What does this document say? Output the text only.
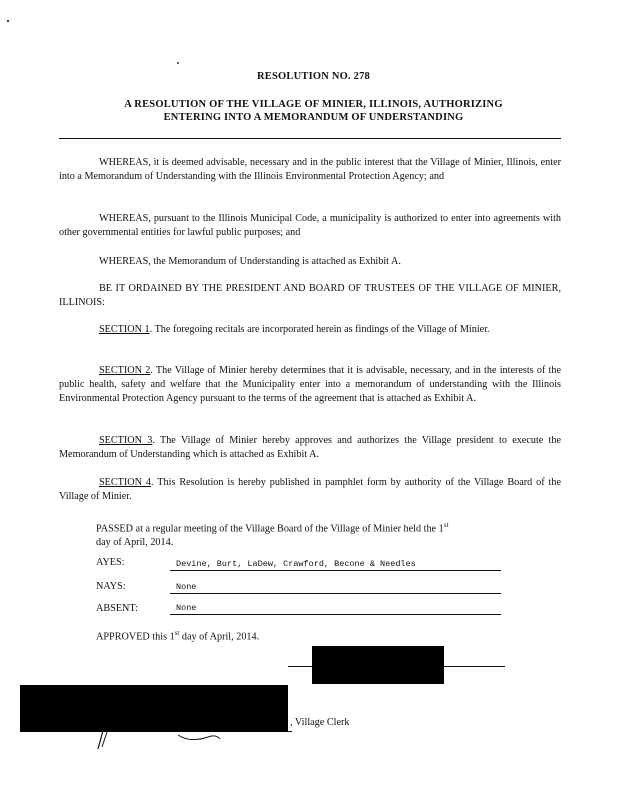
RESOLUTION NO. 278
A RESOLUTION OF THE VILLAGE OF MINIER, ILLINOIS, AUTHORIZING
ENTERING INTO A MEMORANDUM OF UNDERSTANDING
WHEREAS, it is deemed advisable, necessary and in the public interest that the Village of Minier, Illinois, enter into a Memorandum of Understanding with the Illinois Environmental Protection Agency; and
WHEREAS, pursuant to the Illinois Municipal Code, a municipality is authorized to enter into agreements with other governmental entities for lawful public purposes; and
WHEREAS, the Memorandum of Understanding is attached as Exhibit A.
BE IT ORDAINED BY THE PRESIDENT AND BOARD OF TRUSTEES OF THE VILLAGE OF MINIER, ILLINOIS:
SECTION 1. The foregoing recitals are incorporated herein as findings of the Village of Minier.
SECTION 2. The Village of Minier hereby determines that it is advisable, necessary, and in the interests of the public health, safety and welfare that the Municipality enter into a memorandum of understanding with the Illinois Environmental Protection Agency pursuant to the terms of the agreement that is attached as Exhibit A.
SECTION 3. The Village of Minier hereby approves and authorizes the Village president to execute the Memorandum of Understanding which is attached as Exhibit A.
SECTION 4. This Resolution is hereby published in pamphlet form by authority of the Village Board of the Village of Minier.
PASSED at a regular meeting of the Village Board of the Village of Minier held the 1st
day of April, 2014.
AYES:	Devine, Burt, LaDew, Crawford, Becone & Needles
NAYS:	None
ABSENT:	None
APPROVED this 1st day of April, 2014.
, Village Clerk
